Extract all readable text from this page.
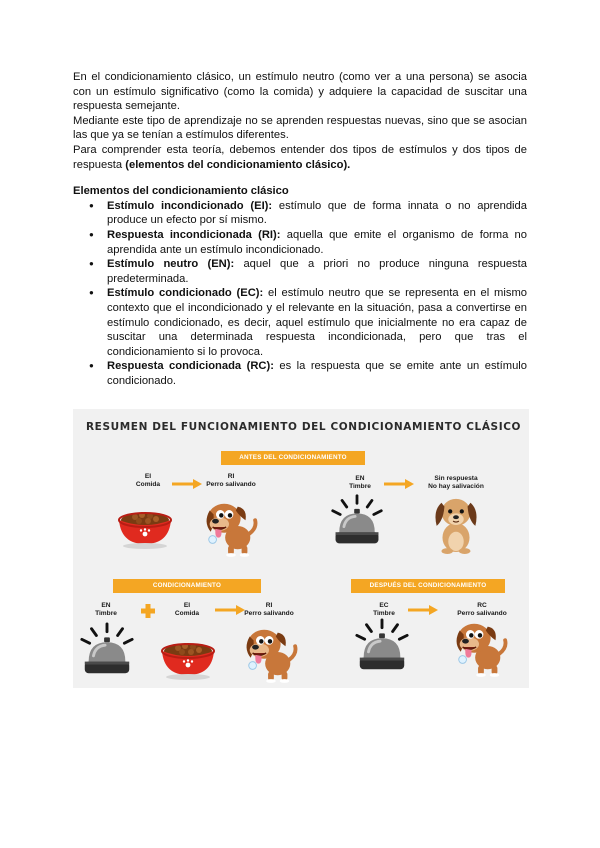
En el condicionamiento clásico, un estímulo neutro (como ver a una persona) se asocia con un estímulo significativo (como la comida) y adquiere la capacidad de suscitar una respuesta semejante.

Mediante este tipo de aprendizaje no se aprenden respuestas nuevas, sino que se asocian las que ya se tenían a estímulos diferentes.

Para comprender esta teoría, debemos entender dos tipos de estímulos y dos tipos de respuesta (elementos del condicionamiento clásico).

Elementos del condicionamiento clásico

● Estímulo incondicionado (EI): estímulo que de forma innata o no aprendida produce un efecto por sí mismo.
● Respuesta incondicionada (RI): aquella que emite el organismo de forma no aprendida ante un estímulo incondicionado.
● Estímulo neutro (EN): aquel que a priori no produce ninguna respuesta predeterminada.
● Estímulo condicionado (EC): el estímulo neutro que se representa en el mismo contexto que el incondicionado y el relevante en la situación, pasa a convertirse en estímulo condicionado, es decir, aquel estímulo que inicialmente no era capaz de suscitar una determinada respuesta incondicionada, pero que tras el condicionamiento si lo provoca.
● Respuesta condicionada (RC): es la respuesta que se emite ante un estímulo condicionado.
RESUMEN DEL FUNCIONAMIENTO DEL CONDICIONAMIENTO CLÁSICO
ANTES DEL CONDICIONAMIENTO
EI
Comida
RI
Perro salivando
EN
Timbre
Sin respuesta
No hay salivación
CONDICIONAMIENTO
EN
Timbre
EI
Comida
RI
Perro salivando
DESPUÉS DEL CONDICIONAMIENTO
EC
Timbre
RC
Perro salivando
